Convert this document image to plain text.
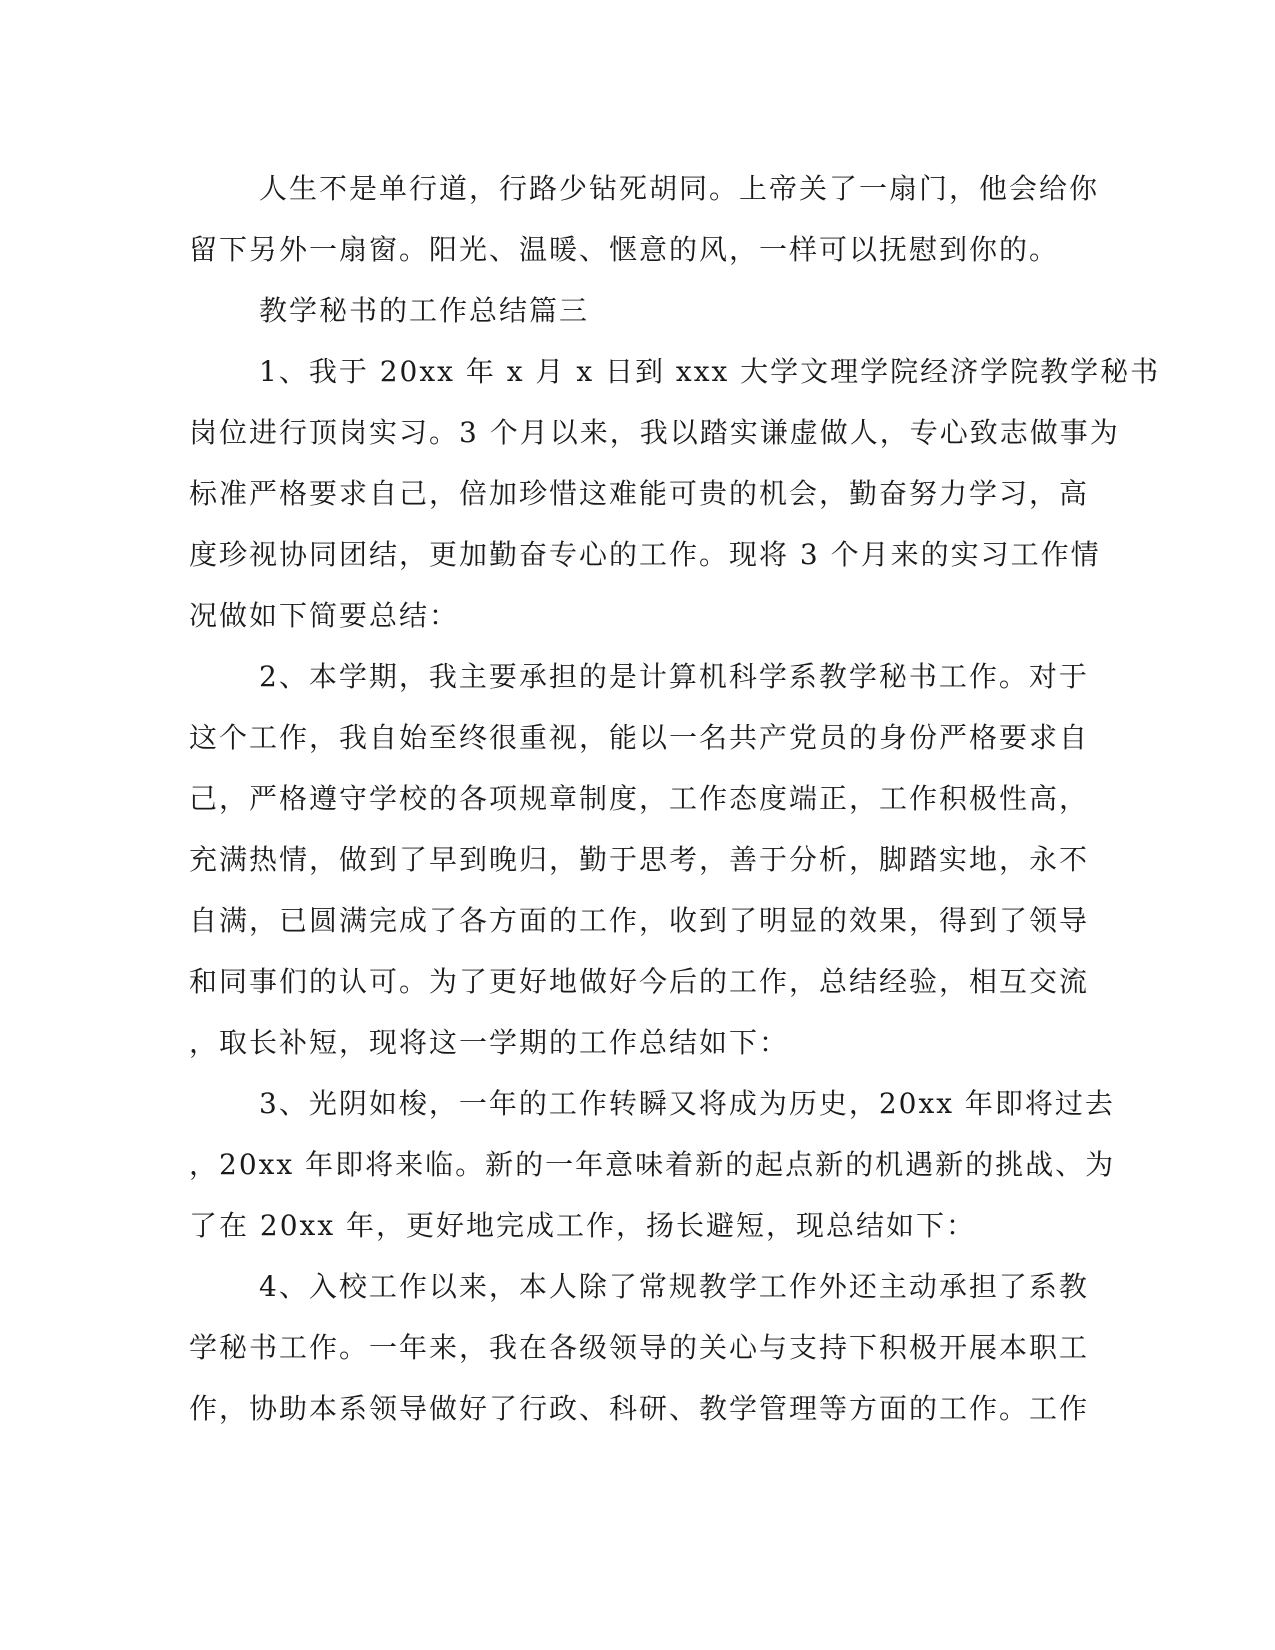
人生不是单行道，行路少钻死胡同。上帝关了一扇门，他会给你
留下另外一扇窗。阳光、温暖、惬意的风，一样可以抚慰到你的。
教学秘书的工作总结篇三
1、我于 20xx 年 x 月 x 日到 xxx 大学文理学院经济学院教学秘书
岗位进行顶岗实习。3 个月以来，我以踏实谦虚做人，专心致志做事为
标准严格要求自己，倍加珍惜这难能可贵的机会，勤奋努力学习，高
度珍视协同团结，更加勤奋专心的工作。现将 3 个月来的实习工作情
况做如下简要总结：
2、本学期，我主要承担的是计算机科学系教学秘书工作。对于
这个工作，我自始至终很重视，能以一名共产党员的身份严格要求自
己，严格遵守学校的各项规章制度，工作态度端正，工作积极性高，
充满热情，做到了早到晚归，勤于思考，善于分析，脚踏实地，永不
自满，已圆满完成了各方面的工作，收到了明显的效果，得到了领导
和同事们的认可。为了更好地做好今后的工作，总结经验，相互交流
，取长补短，现将这一学期的工作总结如下：
3、光阴如梭，一年的工作转瞬又将成为历史，20xx 年即将过去
，20xx 年即将来临。新的一年意味着新的起点新的机遇新的挑战、为
了在 20xx 年，更好地完成工作，扬长避短，现总结如下：
4、入校工作以来，本人除了常规教学工作外还主动承担了系教
学秘书工作。一年来，我在各级领导的关心与支持下积极开展本职工
作，协助本系领导做好了行政、科研、教学管理等方面的工作。工作
